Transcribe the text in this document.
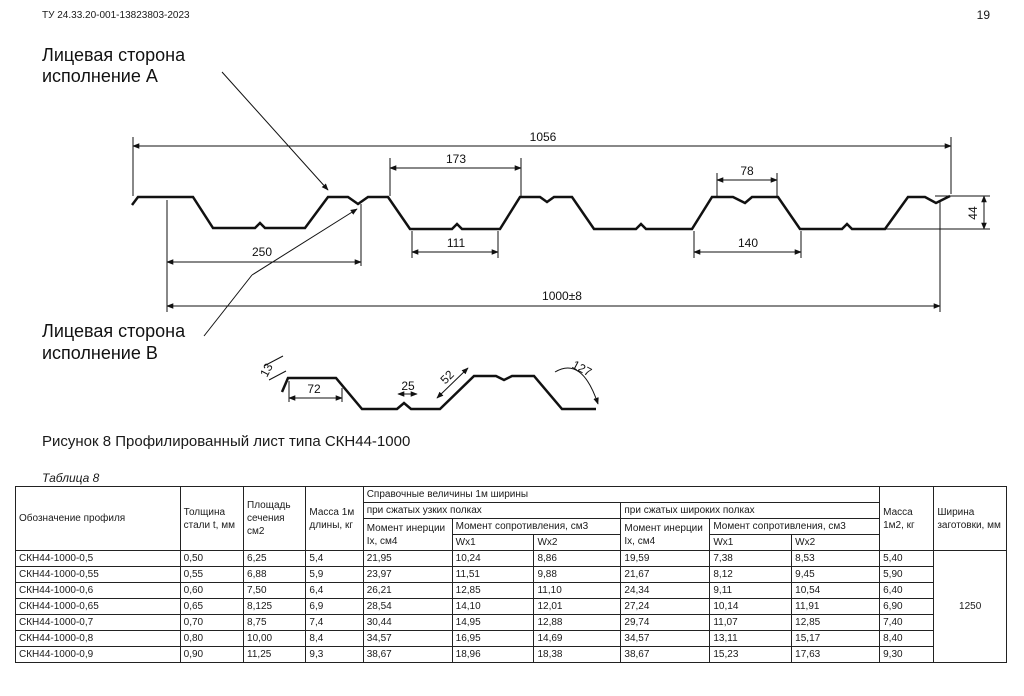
ТУ 24.33.20-001-13823803-2023	19
Лицевая сторона
исполнение А
Лицевая сторона
исполнение В
1056
173
78
44
250
111	140
1000±8
13
72	25 52	127
Рисунок 8 Профилированный лист типа СКН44-1000
Таблица 8
Обозначение профиля	Толщина стали t, мм	Площадь сечения см2	Масса 1м длины, кг	Справочные величины 1м ширины						Масса 1м2, кг	Ширина заготовки, мм
				при сжатых узких полках			при сжатых широких полках				
				Момент инерции Ix, см4	Момент сопротивления, см3		Момент инерции Ix, см4	Момент сопротивления, см3			
					Wx1	Wx2		Wx1	Wx2		
СКН44-1000-0,5	0,50	6,25	5,4	21,95	10,24	8,86	19,59	7,38	8,53	5,40	1250
СКН44-1000-0,55	0,55	6,88	5,9	23,97	11,51	9,88	21,67	8,12	9,45	5,90	
СКН44-1000-0,6	0,60	7,50	6,4	26,21	12,85	11,10	24,34	9,11	10,54	6,40	
СКН44-1000-0,65	0,65	8,125	6,9	28,54	14,10	12,01	27,24	10,14	11,91	6,90	
СКН44-1000-0,7	0,70	8,75	7,4	30,44	14,95	12,88	29,74	11,07	12,85	7,40	
СКН44-1000-0,8	0,80	10,00	8,4	34,57	16,95	14,69	34,57	13,11	15,17	8,40	
СКН44-1000-0,9	0,90	11,25	9,3	38,67	18,96	18,38	38,67	15,23	17,63	9,30	
